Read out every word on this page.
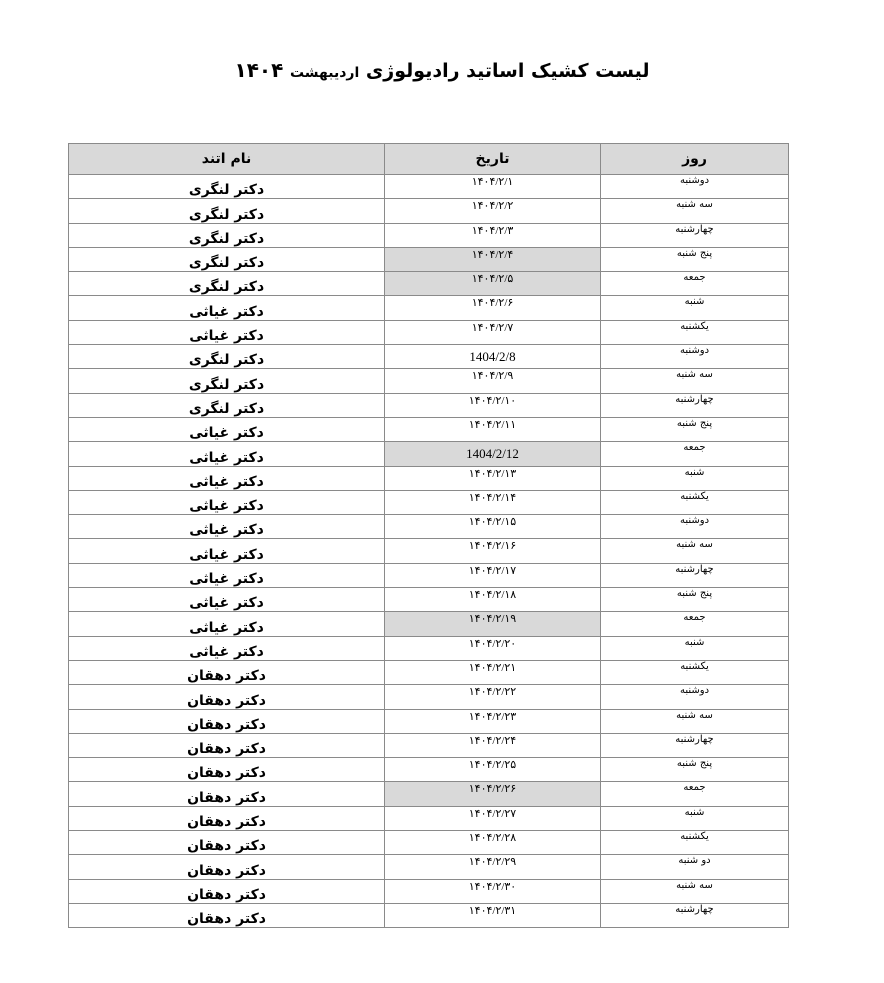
لیست کشیک اساتید رادیولوژی اردیبهشت ۱۴۰۴
نام اتند	تاریخ	روز
دکتر لنگری	۱۴۰۴/۲/۱	دوشنبه
دکتر لنگری	۱۴۰۴/۲/۲	سه شنبه
دکتر لنگری	۱۴۰۴/۲/۳	چهارشنبه
دکتر لنگری	۱۴۰۴/۲/۴	پنج شنبه
دکتر لنگری	۱۴۰۴/۲/۵	جمعه
دکتر غیاثی	۱۴۰۴/۲/۶	شنبه
دکتر غیاثی	۱۴۰۴/۲/۷	یکشنبه
دکتر لنگری	1404/2/8	دوشنبه
دکتر لنگری	۱۴۰۴/۲/۹	سه شنبه
دکتر لنگری	۱۴۰۴/۲/۱۰	چهارشنبه
دکتر غیاثی	۱۴۰۴/۲/۱۱	پنج شنبه
دکتر غیاثی	1404/2/12	جمعه
دکتر غیاثی	۱۴۰۴/۲/۱۳	شنبه
دکتر غیاثی	۱۴۰۴/۲/۱۴	یکشنبه
دکتر غیاثی	۱۴۰۴/۲/۱۵	دوشنبه
دکتر غیاثی	۱۴۰۴/۲/۱۶	سه شنبه
دکتر غیاثی	۱۴۰۴/۲/۱۷	چهارشنبه
دکتر غیاثی	۱۴۰۴/۲/۱۸	پنج شنبه
دکتر غیاثی	۱۴۰۴/۲/۱۹	جمعه
دکتر غیاثی	۱۴۰۴/۲/۲۰	شنبه
دکتر دهقان	۱۴۰۴/۲/۲۱	یکشنبه
دکتر دهقان	۱۴۰۴/۲/۲۲	دوشنبه
دکتر دهقان	۱۴۰۴/۲/۲۳	سه شنبه
دکتر دهقان	۱۴۰۴/۲/۲۴	چهارشنبه
دکتر دهقان	۱۴۰۴/۲/۲۵	پنج شنبه
دکتر دهقان	۱۴۰۴/۲/۲۶	جمعه
دکتر دهقان	۱۴۰۴/۲/۲۷	شنبه
دکتر دهقان	۱۴۰۴/۲/۲۸	یکشنبه
دکتر دهقان	۱۴۰۴/۲/۲۹	دو شنبه
دکتر دهقان	۱۴۰۴/۲/۳۰	سه شنبه
دکتر دهقان	۱۴۰۴/۲/۳۱	چهارشنبه
